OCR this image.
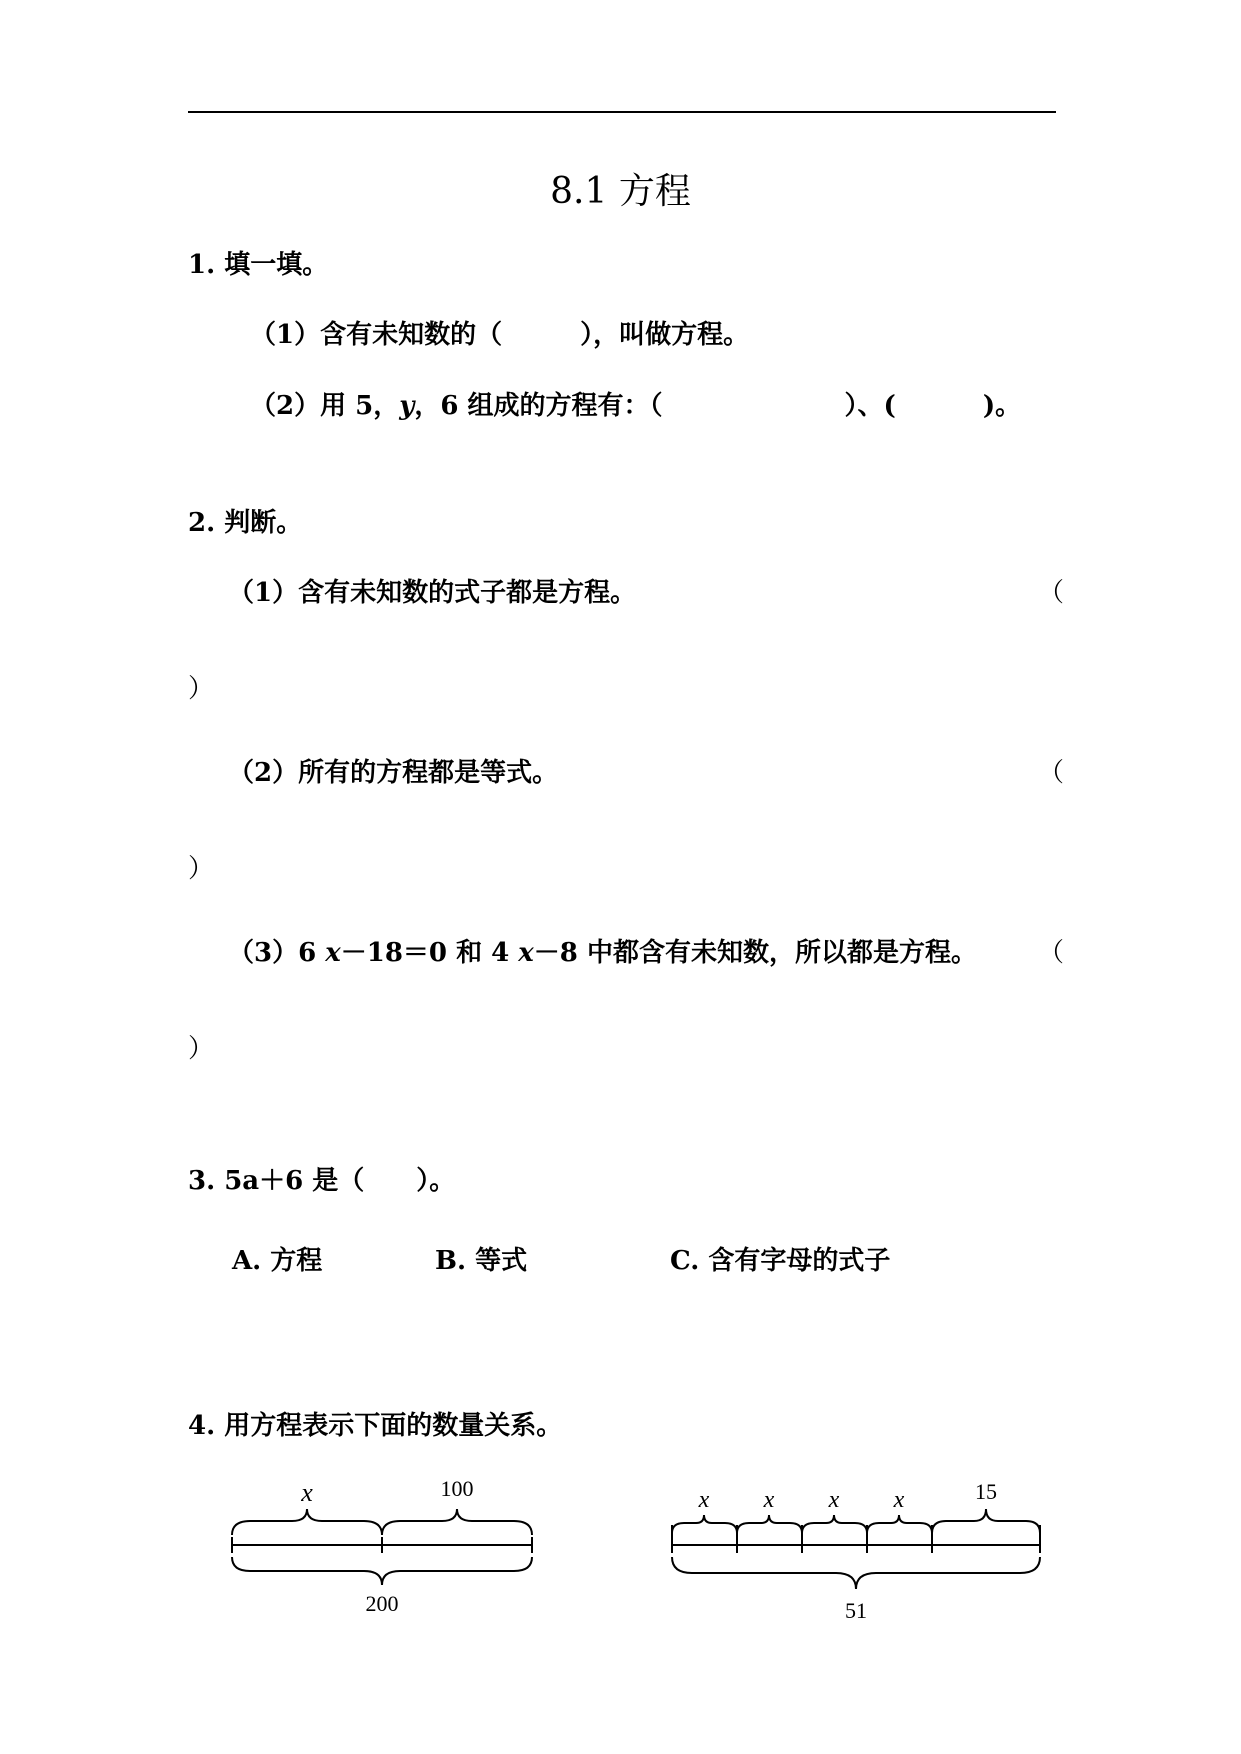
8.1 方程
1. 填一填。
（1）含有未知数的（　　　），叫做方程。
（2）用 5，y，6 组成的方程有：（　　　　　　　）、(　　　 )。
2. 判断。
（1）含有未知数的式子都是方程。	（
）
（2）所有的方程都是等式。	（
）
（3）6 x－18＝0 和 4 x－8 中都含有未知数，所以都是方程。 （
）
3. 5a＋6 是（　　）。
A. 方程	B. 等式	C. 含有字母的式子
4. 用方程表示下面的数量关系。
x	100
200
x x x x	15
51
